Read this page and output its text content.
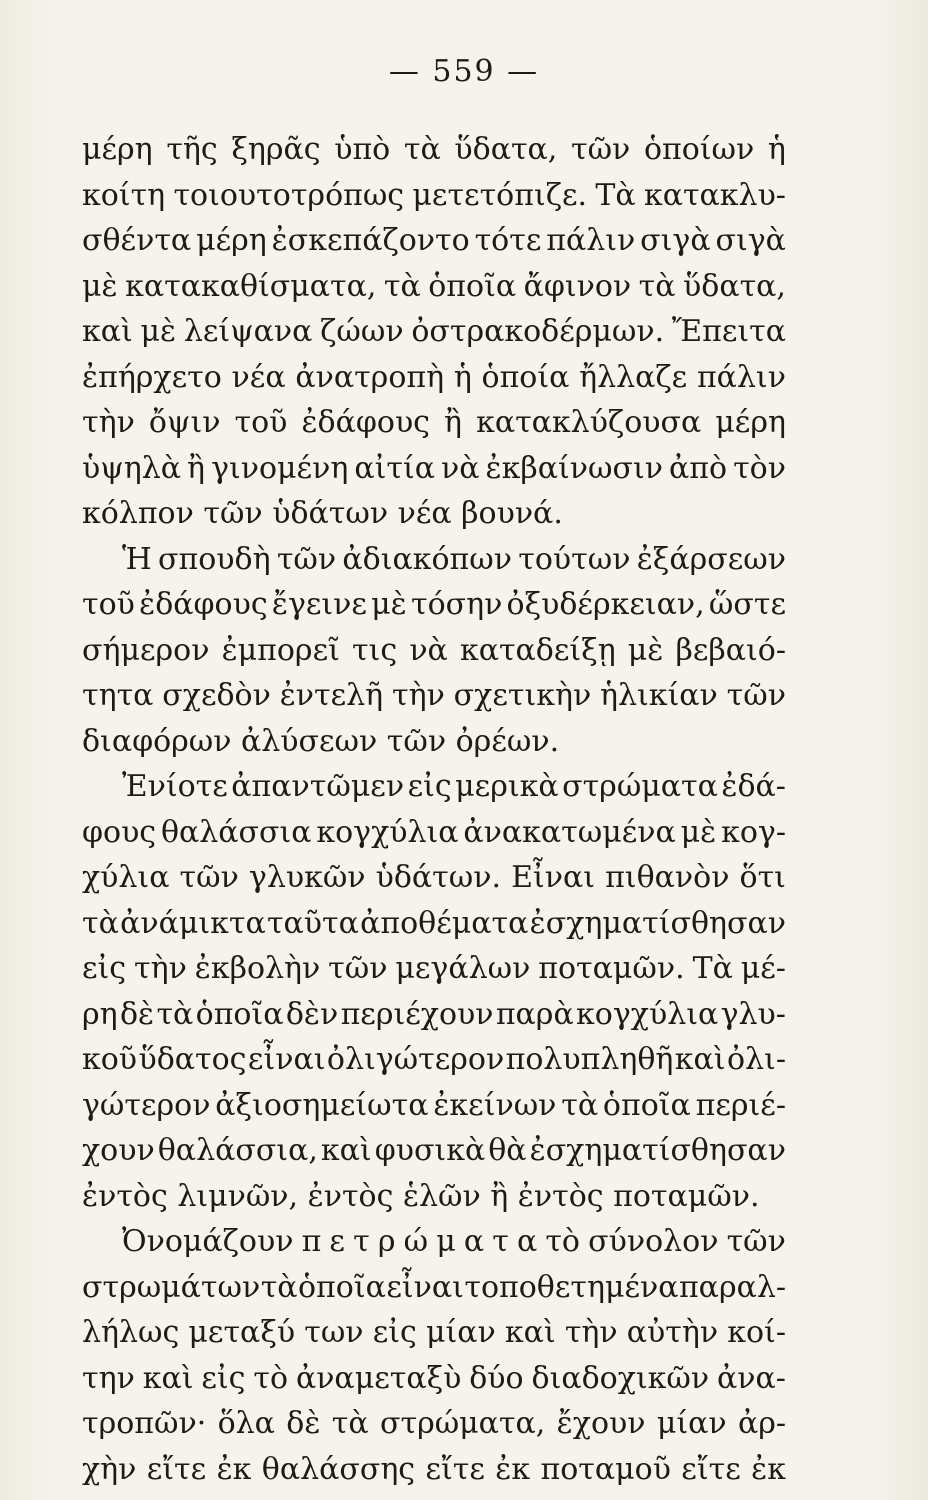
— 559 —
μέρη τῆς ξηρᾶς ὑπὸ τὰ ὕδατα, τῶν ὁποίων ἡ
κοίτη τοιουτοτρόπως μετετόπιζε. Τὰ κατακλυ-
σθέντα μέρη ἐσκεπάζοντο τότε πάλιν σιγὰ σιγὰ
μὲ κατακαθίσματα, τὰ ὁποῖα ἄφινον τὰ ὕδατα,
καὶ μὲ λείψανα ζώων ὀστρακοδέρμων. Ἔπειτα
ἐπήρχετο νέα ἀνατροπὴ ἡ ὁποία ἤλλαζε πάλιν
τὴν ὄψιν τοῦ ἐδάφους ἢ κατακλύζουσα μέρη
ὑψηλὰ ἢ γινομένη αἰτία νὰ ἐκβαίνωσιν ἀπὸ τὸν
κόλπον τῶν ὑδάτων νέα βουνά.
Ἡ σπουδὴ τῶν ἀδιακόπων τούτων ἐξάρσεων
τοῦ ἐδάφους ἔγεινε μὲ τόσην ὀξυδέρκειαν, ὥστε
σήμερον ἐμπορεῖ τις νὰ καταδείξῃ μὲ βεβαιό-
τητα σχεδὸν ἐντελῆ τὴν σχετικὴν ἡλικίαν τῶν
διαφόρων ἀλύσεων τῶν ὀρέων.
Ἐνίοτε ἀπαντῶμεν εἰς μερικὰ στρώματα ἐδά-
φους θαλάσσια κογχύλια ἀνακατωμένα μὲ κογ-
χύλια τῶν γλυκῶν ὑδάτων. Εἶναι πιθανὸν ὅτι
τὰ ἀνάμικτα ταῦτα ἀποθέματα ἐσχηματίσθησαν
εἰς τὴν ἐκβολὴν τῶν μεγάλων ποταμῶν. Τὰ μέ-
ρη δὲ τὰ ὁποῖα δὲν περιέχουν παρὰ κογχύλια γλυ-
κοῦ ὕδατος εἶναι ὀλιγώτερον πολυπληθῆ καὶ ὀλι-
γώτερον ἀξιοσημείωτα ἐκείνων τὰ ὁποῖα περιέ-
χουν θαλάσσια, καὶ φυσικὰ θὰ ἐσχηματίσθησαν
ἐντὸς λιμνῶν, ἐντὸς ἑλῶν ἢ ἐντὸς ποταμῶν.
Ὀνομάζουν π ε τ ρ ώ μ α τ α τὸ σύνολον τῶν
στρωμάτων τὰ ὁποῖα εἶναι τοποθετημένα παραλ-
λήλως μεταξύ των εἰς μίαν καὶ τὴν αὐτὴν κοί-
την καὶ εἰς τὸ ἀναμεταξὺ δύο διαδοχικῶν ἀνα-
τροπῶν· ὅλα δὲ τὰ στρώματα, ἔχουν μίαν ἀρ-
χὴν εἴτε ἐκ θαλάσσης εἴτε ἐκ ποταμοῦ εἴτε ἐκ
